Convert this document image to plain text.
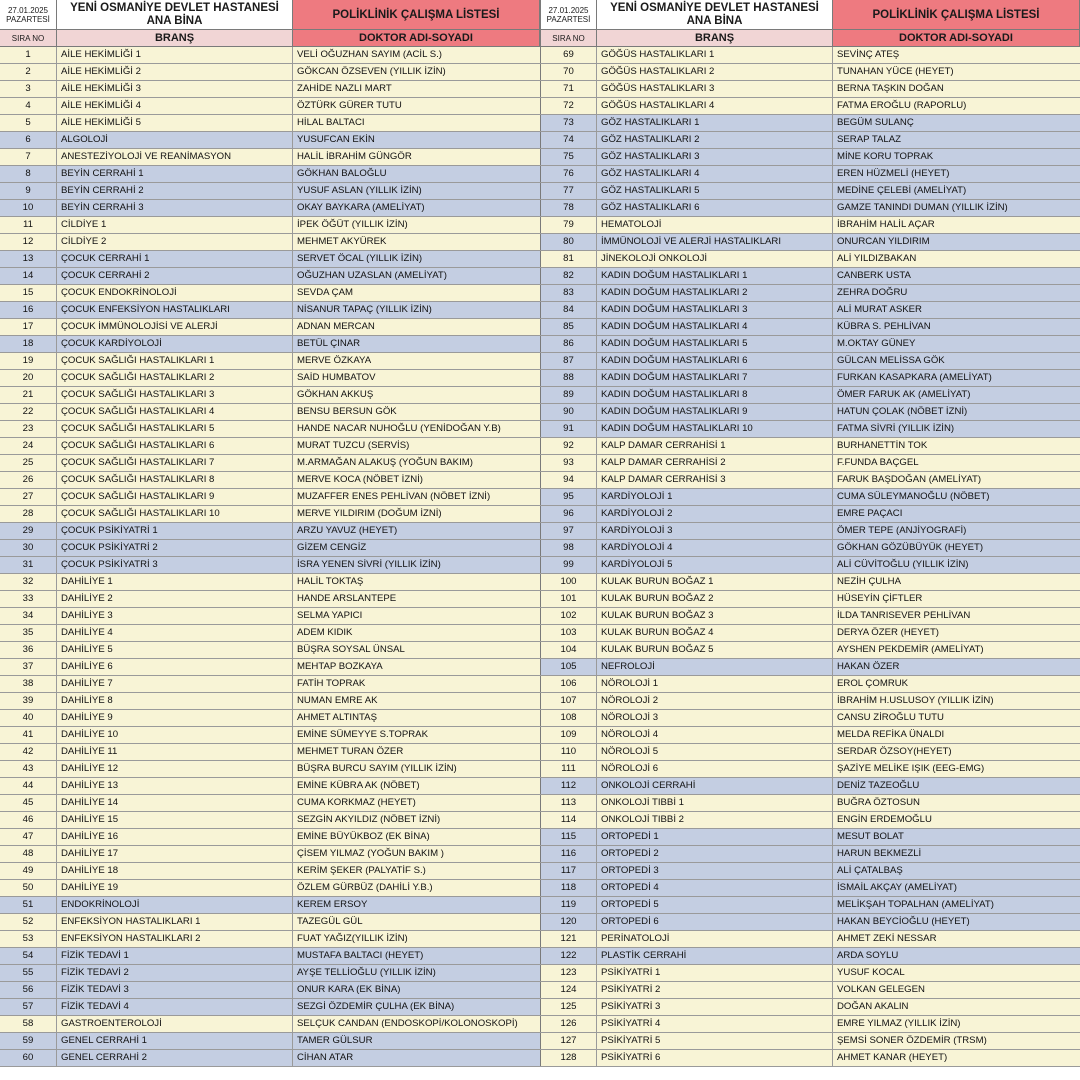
27.01.2025
PAZARTESİ
SIRA NO
YENİ OSMANİYE DEVLET HASTANESİ
ANA BİNA
BRANŞ
POLİKLİNİK ÇALIŞMA LİSTESİ
DOKTOR ADI-SOYADI
1	AİLE HEKİMLİĞİ 1	VELİ OĞUZHAN SAYIM (ACİL S.)
2	AİLE HEKİMLİĞİ 2	GÖKCAN ÖZSEVEN (YILLIK İZİN)
3	AİLE HEKİMLİĞİ 3	ZAHİDE NAZLI MART
4	AİLE HEKİMLİĞİ 4	ÖZTÜRK GÜRER TUTU
5	AİLE HEKİMLİĞİ 5	HİLAL BALTACI
6	ALGOLOJİ	YUSUFCAN EKİN
7	ANESTEZİYOLOJİ VE REANİMASYON	HALİL İBRAHİM GÜNGÖR
8	BEYİN CERRAHİ 1	GÖKHAN BALOĞLU
9	BEYİN CERRAHİ 2	YUSUF ASLAN (YILLIK İZİN)
10	BEYİN CERRAHİ 3	OKAY BAYKARA (AMELİYAT)
11	CİLDİYE 1	İPEK ÖĞÜT (YILLIK İZİN)
12	CİLDİYE 2	MEHMET AKYÜREK
13	ÇOCUK CERRAHİ 1	SERVET ÖCAL (YILLIK İZİN)
14	ÇOCUK CERRAHİ 2	OĞUZHAN UZASLAN (AMELİYAT)
15	ÇOCUK ENDOKRİNOLOJİ	SEVDA ÇAM
16	ÇOCUK ENFEKSİYON HASTALIKLARI	NİSANUR TAPAÇ (YILLIK İZİN)
17	ÇOCUK İMMÜNOLOJİSİ VE ALERJİ	ADNAN MERCAN
18	ÇOCUK KARDİYOLOJİ	BETÜL ÇINAR
19	ÇOCUK SAĞLIĞI HASTALIKLARI 1	MERVE ÖZKAYA
20	ÇOCUK SAĞLIĞI HASTALIKLARI 2	SAİD HUMBATOV
21	ÇOCUK SAĞLIĞI HASTALIKLARI 3	GÖKHAN AKKUŞ
22	ÇOCUK SAĞLIĞI HASTALIKLARI 4	BENSU BERSUN GÖK
23	ÇOCUK SAĞLIĞI HASTALIKLARI 5	HANDE NACAR NUHOĞLU (YENİDOĞAN Y.B)
24	ÇOCUK SAĞLIĞI HASTALIKLARI 6	MURAT TUZCU (SERVİS)
25	ÇOCUK SAĞLIĞI HASTALIKLARI 7	M.ARMAĞAN ALAKUŞ (YOĞUN BAKIM)
26	ÇOCUK SAĞLIĞI HASTALIKLARI 8	MERVE KOCA (NÖBET İZNİ)
27	ÇOCUK SAĞLIĞI HASTALIKLARI 9	MUZAFFER ENES PEHLİVAN (NÖBET İZNİ)
28	ÇOCUK SAĞLIĞI HASTALIKLARI 10	MERVE YILDIRIM (DOĞUM İZNİ)
29	ÇOCUK PSİKİYATRİ 1	ARZU YAVUZ (HEYET)
30	ÇOCUK PSİKİYATRİ 2	GİZEM CENGİZ
31	ÇOCUK PSİKİYATRİ 3	İSRA YENEN SİVRİ (YILLIK İZİN)
32	DAHİLİYE 1	HALİL TOKTAŞ
33	DAHİLİYE 2	HANDE ARSLANTEPE
34	DAHİLİYE 3	SELMA YAPICI
35	DAHİLİYE 4	ADEM KIDIK
36	DAHİLİYE 5	BÜŞRA SOYSAL ÜNSAL
37	DAHİLİYE 6	MEHTAP BOZKAYA
38	DAHİLİYE 7	FATİH TOPRAK
39	DAHİLİYE 8	NUMAN EMRE AK
40	DAHİLİYE 9	AHMET ALTINTAŞ
41	DAHİLİYE 10	EMİNE SÜMEYYE S.TOPRAK
42	DAHİLİYE 11	MEHMET TURAN ÖZER
43	DAHİLİYE 12	BÜŞRA BURCU SAYIM (YILLIK İZİN)
44	DAHİLİYE 13	EMİNE KÜBRA AK (NÖBET)
45	DAHİLİYE 14	CUMA KORKMAZ (HEYET)
46	DAHİLİYE 15	SEZGİN AKYILDIZ (NÖBET İZNİ)
47	DAHİLİYE 16	EMİNE BÜYÜKBOZ (EK BİNA)
48	DAHİLİYE 17	ÇİSEM YILMAZ (YOĞUN BAKIM )
49	DAHİLİYE 18	KERİM ŞEKER (PALYATİF S.)
50	DAHİLİYE 19	ÖZLEM GÜRBÜZ (DAHİLİ Y.B.)
51	ENDOKRİNOLOJİ	KEREM ERSOY
52	ENFEKSİYON HASTALIKLARI 1	TAZEGÜL GÜL
53	ENFEKSİYON HASTALIKLARI 2	FUAT YAĞIZ(YILLIK İZİN)
54	FİZİK TEDAVİ 1	MUSTAFA BALTACI (HEYET)
55	FİZİK TEDAVİ 2	AYŞE TELLİOĞLU (YILLIK İZİN)
56	FİZİK TEDAVİ 3	ONUR KARA (EK BİNA)
57	FİZİK TEDAVİ 4	SEZGİ ÖZDEMİR ÇULHA (EK BİNA)
58	GASTROENTEROLOJİ	SELÇUK CANDAN (ENDOSKOPİ/KOLONOSKOPİ)
59	GENEL CERRAHİ 1	TAMER GÜLSUR
60	GENEL CERRAHİ 2	CİHAN ATAR
27.01.2025
PAZARTESİ
SIRA NO
YENİ OSMANİYE DEVLET HASTANESİ
ANA BİNA
BRANŞ
POLİKLİNİK ÇALIŞMA LİSTESİ
DOKTOR ADI-SOYADI
69	GÖĞÜS HASTALIKLARI 1	SEVİNÇ ATEŞ
70	GÖĞÜS HASTALIKLARI 2	TUNAHAN YÜCE (HEYET)
71	GÖĞÜS HASTALIKLARI 3	BERNA TAŞKIN DOĞAN
72	GÖĞÜS HASTALIKLARI 4	FATMA EROĞLU (RAPORLU)
73	GÖZ HASTALIKLARI 1	BEGÜM SULANÇ
74	GÖZ HASTALIKLARI 2	SERAP TALAZ
75	GÖZ HASTALIKLARI 3	MİNE KORU TOPRAK
76	GÖZ HASTALIKLARI 4	EREN HÜZMELİ (HEYET)
77	GÖZ HASTALIKLARI 5	MEDİNE ÇELEBİ (AMELİYAT)
78	GÖZ HASTALIKLARI 6	GAMZE TANINDI DUMAN (YILLIK İZİN)
79	HEMATOLOJİ	İBRAHİM HALİL AÇAR
80	İMMÜNOLOJİ VE ALERJİ HASTALIKLARI	ONURCAN YILDIRIM
81	JİNEKOLOJİ ONKOLOJİ	ALİ YILDIZBAKAN
82	KADIN DOĞUM HASTALIKLARI 1	CANBERK USTA
83	KADIN DOĞUM HASTALIKLARI 2	ZEHRA DOĞRU
84	KADIN DOĞUM HASTALIKLARI 3	ALİ MURAT ASKER
85	KADIN DOĞUM HASTALIKLARI 4	KÜBRA S. PEHLİVAN
86	KADIN DOĞUM HASTALIKLARI 5	M.OKTAY GÜNEY
87	KADIN DOĞUM HASTALIKLARI 6	GÜLCAN MELİSSA GÖK
88	KADIN DOĞUM HASTALIKLARI 7	FURKAN KASAPKARA (AMELİYAT)
89	KADIN DOĞUM HASTALIKLARI 8	ÖMER FARUK AK (AMELİYAT)
90	KADIN DOĞUM HASTALIKLARI 9	HATUN ÇOLAK (NÖBET İZNİ)
91	KADIN DOĞUM HASTALIKLARI 10	FATMA SİVRİ (YILLIK İZİN)
92	KALP DAMAR CERRAHİSİ 1	BURHANETTİN TOK
93	KALP DAMAR CERRAHİSİ 2	F.FUNDA BAÇGEL
94	KALP DAMAR CERRAHİSİ 3	FARUK BAŞDOĞAN (AMELİYAT)
95	KARDİYOLOJİ 1	CUMA SÜLEYMANOĞLU (NÖBET)
96	KARDİYOLOJİ 2	EMRE PAÇACI
97	KARDİYOLOJİ 3	ÖMER TEPE (ANJİYOGRAFİ)
98	KARDİYOLOJİ 4	GÖKHAN GÖZÜBÜYÜK (HEYET)
99	KARDİYOLOJİ 5	ALİ CÜVİTOĞLU (YILLIK İZİN)
100	KULAK BURUN BOĞAZ 1	NEZİH ÇULHA
101	KULAK BURUN BOĞAZ 2	HÜSEYİN ÇİFTLER
102	KULAK BURUN BOĞAZ 3	İLDA TANRISEVER PEHLİVAN
103	KULAK BURUN BOĞAZ 4	DERYA ÖZER (HEYET)
104	KULAK BURUN BOĞAZ 5	AYSHEN PEKDEMİR (AMELİYAT)
105	NEFROLOJİ	HAKAN ÖZER
106	NÖROLOJİ 1	EROL ÇOMRUK
107	NÖROLOJİ 2	İBRAHİM H.USLUSOY (YILLIK İZİN)
108	NÖROLOJİ 3	CANSU ZİROĞLU TUTU
109	NÖROLOJİ 4	MELDA REFİKA ÜNALDI
110	NÖROLOJİ 5	SERDAR ÖZSOY(HEYET)
111	NÖROLOJİ 6	ŞAZİYE MELİKE IŞIK (EEG-EMG)
112	ONKOLOJİ CERRAHİ	DENİZ TAZEOĞLU
113	ONKOLOJİ TIBBİ 1	BUĞRA ÖZTOSUN
114	ONKOLOJİ TIBBİ 2	ENGİN ERDEMOĞLU
115	ORTOPEDİ 1	MESUT BOLAT
116	ORTOPEDİ 2	HARUN BEKMEZLİ
117	ORTOPEDİ 3	ALİ ÇATALBAŞ
118	ORTOPEDİ 4	İSMAİL AKÇAY (AMELİYAT)
119	ORTOPEDİ 5	MELİKŞAH TOPALHAN (AMELİYAT)
120	ORTOPEDİ 6	HAKAN BEYCİOĞLU (HEYET)
121	PERİNATOLOJİ	AHMET ZEKİ NESSAR
122	PLASTİK CERRAHİ	ARDA SOYLU
123	PSİKİYATRİ 1	YUSUF KOCAL
124	PSİKİYATRİ 2	VOLKAN GELEGEN
125	PSİKİYATRİ 3	DOĞAN AKALIN
126	PSİKİYATRİ 4	EMRE YILMAZ (YILLIK İZİN)
127	PSİKİYATRİ 5	ŞEMSİ SONER ÖZDEMİR (TRSM)
128	PSİKİYATRİ 6	AHMET KANAR (HEYET)
